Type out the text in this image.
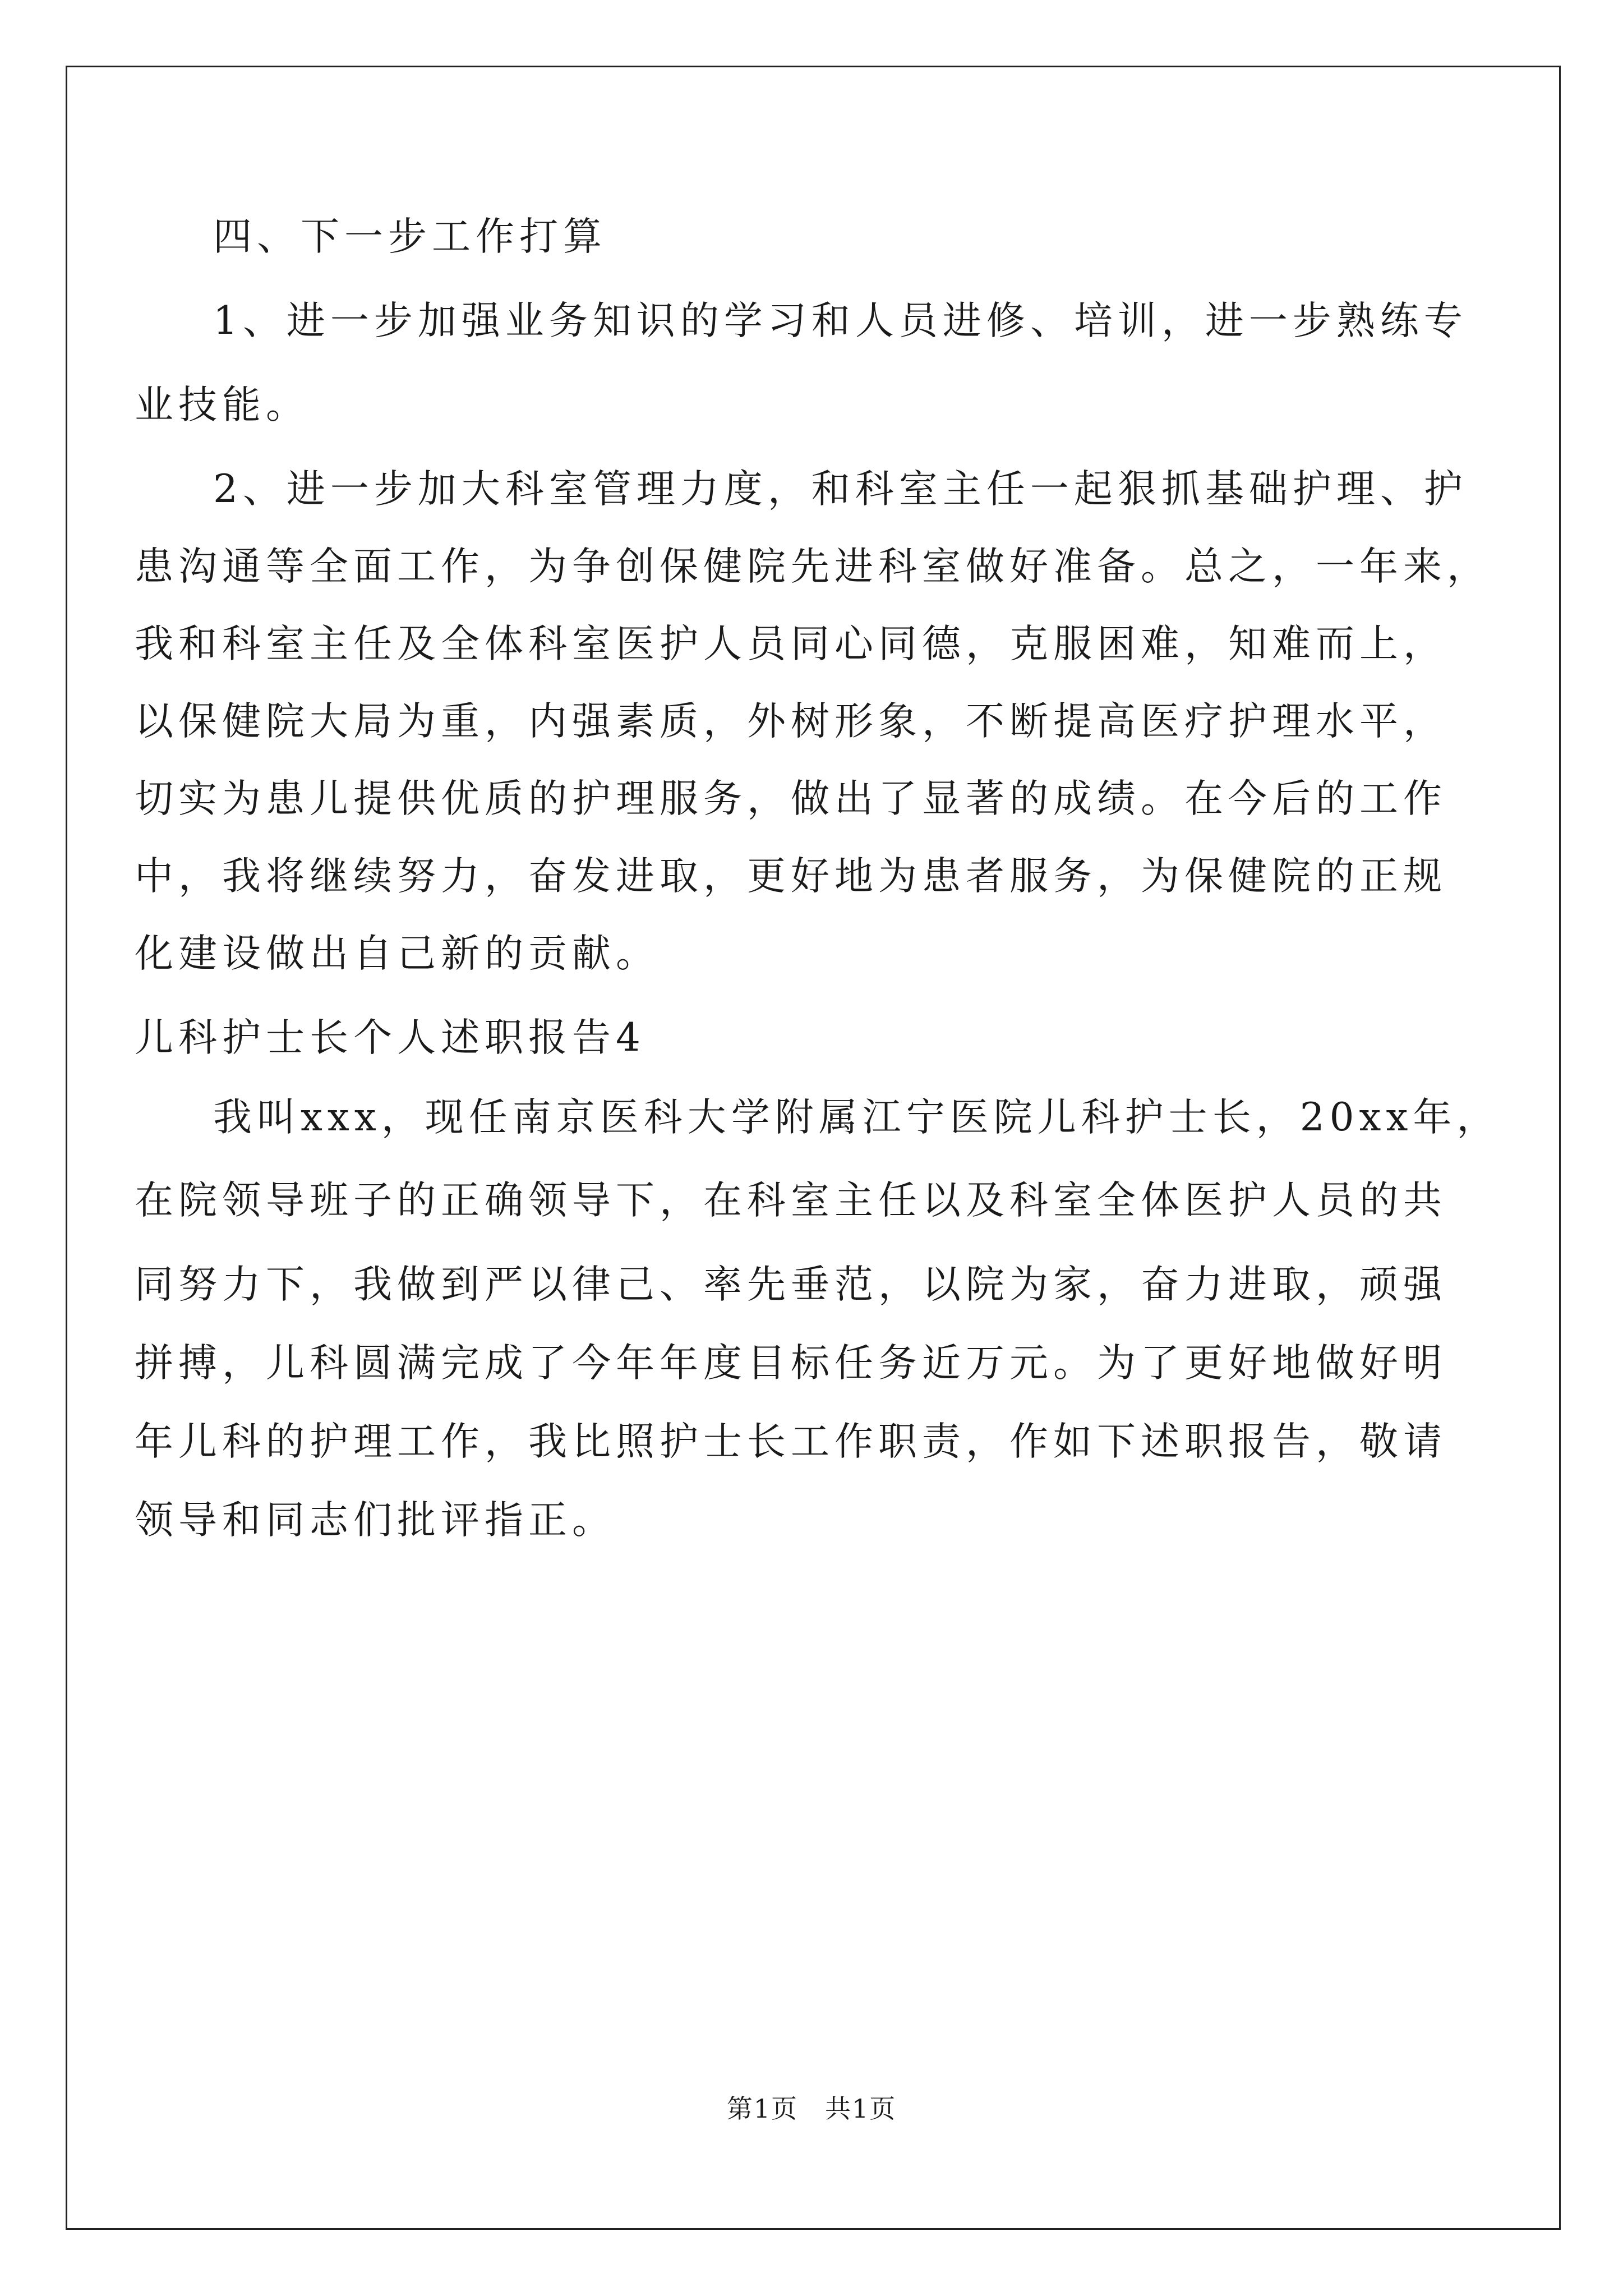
四、下一步工作打算
1、进一步加强业务知识的学习和人员进修、培训，进一步熟练专
业技能。
2、进一步加大科室管理力度，和科室主任一起狠抓基础护理、护
患沟通等全面工作，为争创保健院先进科室做好准备。总之，一年来，
我和科室主任及全体科室医护人员同心同德，克服困难，知难而上，
以保健院大局为重，内强素质，外树形象，不断提高医疗护理水平，
切实为患儿提供优质的护理服务，做出了显著的成绩。在今后的工作
中，我将继续努力，奋发进取，更好地为患者服务，为保健院的正规
化建设做出自己新的贡献。
儿科护士长个人述职报告4
我叫xxx，现任南京医科大学附属江宁医院儿科护士长，20xx年，
在院领导班子的正确领导下，在科室主任以及科室全体医护人员的共
同努力下，我做到严以律己、率先垂范，以院为家，奋力进取，顽强
拼搏，儿科圆满完成了今年年度目标任务近万元。为了更好地做好明
年儿科的护理工作，我比照护士长工作职责，作如下述职报告，敬请
领导和同志们批评指正。
第1页　共1页
